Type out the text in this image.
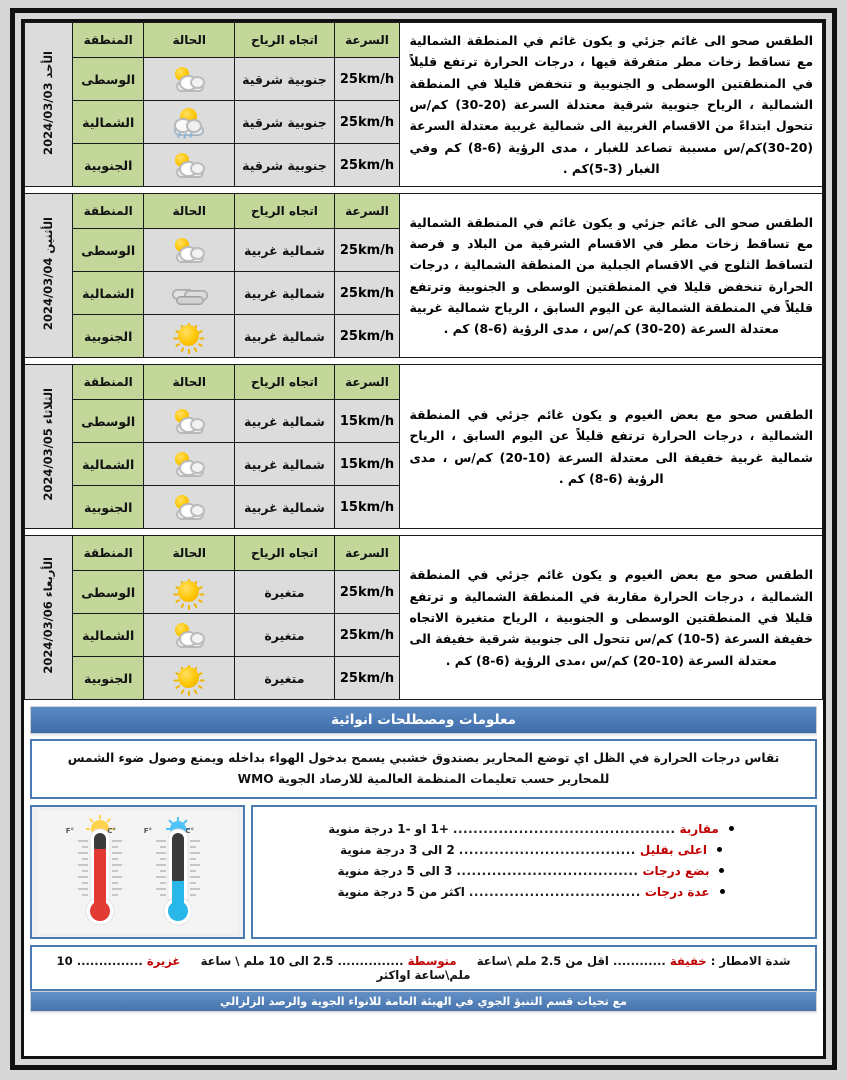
الطقس صحو الى غائم جزئي و يكون غائم في المنطقة الشمالية مع تساقط زخات مطر متفرقة فيها ، درجات الحرارة ترتفع قليلاً في المنطقتين الوسطى و الجنوبية و تنخفض قليلا في المنطقة الشمالية ، الرياح جنوبية شرقية معتدلة السرعة (20-30) كم/س تتحول ابتداءً من الاقسام الغربية الى شمالية غربية معتدلة السرعة (20-30)كم/س مسببة تصاعد للغبار ، مدى الرؤية (6-8) كم وفي الغبار (3-5)كم .	السرعة	اتجاه الرياح	الحالة	المنطقة	الأحد 2024/03/03
	25km/h	جنوبية شرقية		الوسطى	
	25km/h	جنوبية شرقية		الشمالية	
	25km/h	جنوبية شرقية		الجنوبية	

الطقس صحو الى غائم جزئي و يكون غائم في المنطقة الشمالية مع تساقط زخات مطر في الاقسام الشرقية من البلاد و فرصة لتساقط الثلوج في الاقسام الجبلية من المنطقة الشمالية ، درجات الحرارة تنخفض قليلا في المنطقتين الوسطى و الجنوبية وترتفع قليلاً في المنطقة الشمالية عن اليوم السابق ، الرياح شمالية غربية معتدلة السرعة (20-30) كم/س ، مدى الرؤية (6-8) كم .	السرعة	اتجاه الرياح	الحالة	المنطقة	الأثنين 2024/03/04
	25km/h	شمالية غربية		الوسطى	
	25km/h	شمالية غربية		الشمالية	
	25km/h	شمالية غربية		الجنوبية	

الطقس صحو مع بعض الغيوم و يكون غائم جزئي في المنطقة الشمالية ، درجات الحرارة ترتفع قليلاً عن اليوم السابق ، الرياح شمالية غربية خفيفة الى معتدلة السرعة (10-20) كم/س ، مدى الرؤية (6-8) كم .	السرعة	اتجاه الرياح	الحالة	المنطقة	الثلاثاء 2024/03/05
	15km/h	شمالية غربية		الوسطى	
	15km/h	شمالية غربية		الشمالية	
	15km/h	شمالية غربية		الجنوبية	

الطقس صحو مع بعض الغيوم و يكون غائم جزئي في المنطقة الشمالية ، درجات الحرارة مقاربة في المنطقة الشمالية و ترتفع قليلا في المنطقتين الوسطى و الجنوبية ، الرياح متغيرة الاتجاه خفيفة السرعة (5-10) كم/س تتحول الى جنوبية شرقية خفيفة الى معتدلة السرعة (10-20) كم/س ،مدى الرؤية (6-8) كم .	السرعة	اتجاه الرياح	الحالة	المنطقة	الأربعاء 2024/03/06
	25km/h	متغيرة		الوسطى	
	25km/h	متغيرة		الشمالية	
	25km/h	متغيرة		الجنوبية	
معلومات ومصطلحات انوائية
تقاس درجات الحرارة في الظل اي توضع المحارير بصندوق خشبي يسمح بدخول الهواء بداخله ويمنع وصول ضوء الشمس للمحارير حسب تعليمات المنظمة العالمية للارصاد الجوية WMO
مقاربة
............................................
+1 او -1 درجة منوية
اعلى بقليل
...................................
2 الى 3 درجة منوية
بضع درجات
....................................
3 الى 5 درجة منوية
عدة درجات
..................................
اكثر من 5 درجة منوية
°F	°C	°F	°C
شدة الامطار : خفيفة ............ اقل من 2.5 ملم \ساعة     متوسطة ............... 2.5 الى 10 ملم \ ساعة     غزيرة ............... 10 ملم\ساعة اواكثر
مع تحيات قسم التنبؤ الجوي في الهيئة العامة للانواء الجوية والرصد الزلزالي
